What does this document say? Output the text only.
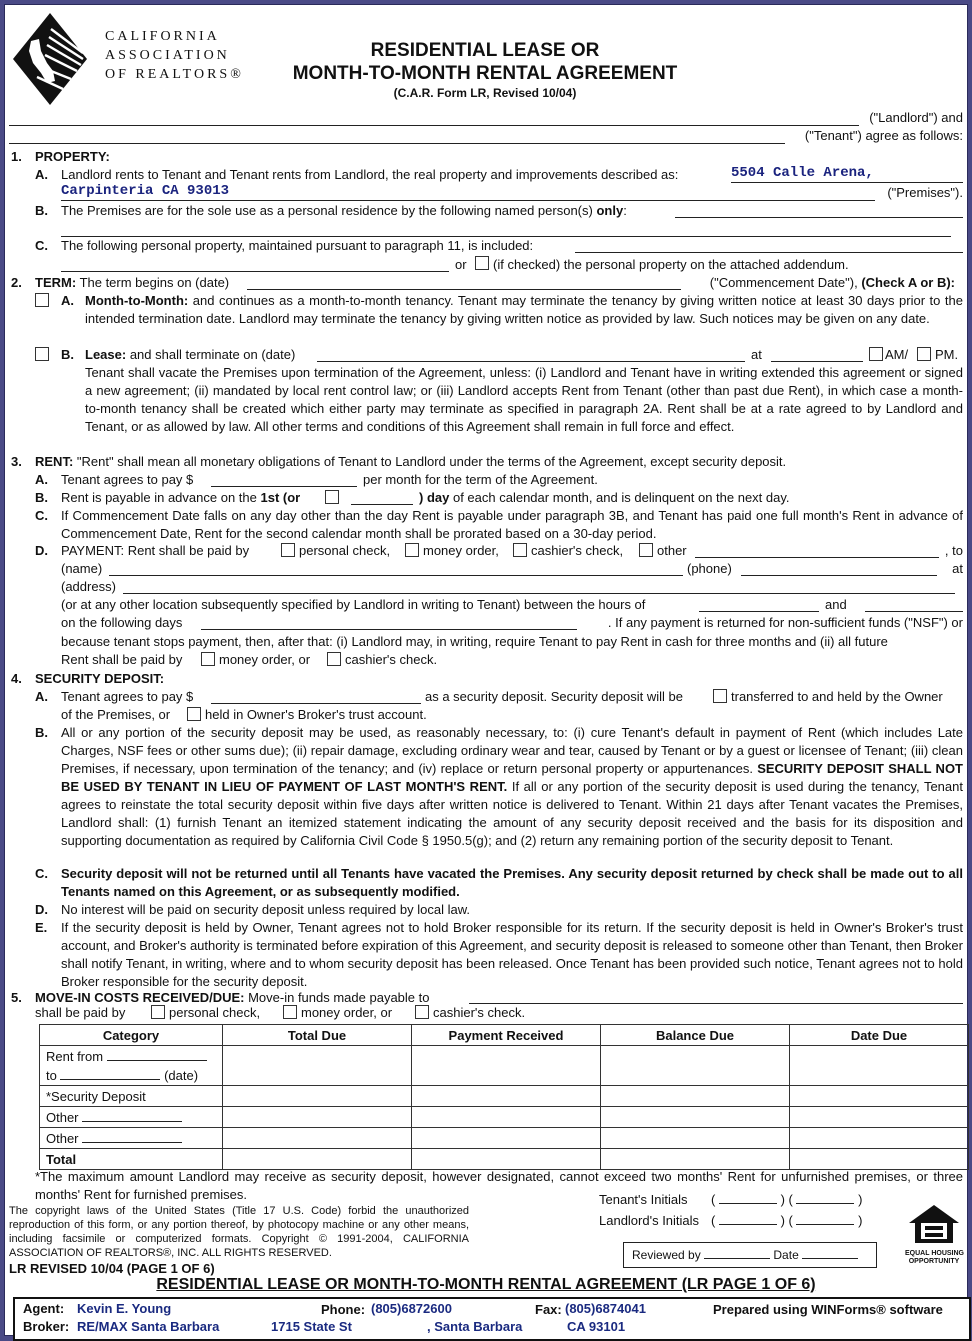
CALIFORNIA
ASSOCIATION
OF REALTORS®
RESIDENTIAL LEASE OR
MONTH-TO-MONTH RENTAL AGREEMENT
(C.A.R. Form LR, Revised 10/04)
("Landlord") and
("Tenant") agree as follows:
1. PROPERTY:
A. Landlord rents to Tenant and Tenant rents from Landlord, the real property and improvements described as:	5504 Calle Arena,
Carpinteria CA 93013	("Premises").
B. The Premises are for the sole use as a personal residence by the following named person(s) only:
C. The following personal property, maintained pursuant to paragraph 11, is included:
or (if checked) the personal property on the attached addendum.
2. TERM: The term begins on (date)	("Commencement Date"), (Check A or B):
A. Month-to-Month: and continues as a month-to-month tenancy. Tenant may terminate the tenancy by giving written notice at least 30 days prior to the intended termination date. Landlord may terminate the tenancy by giving written notice as provided by law. Such notices may be given on any date.
B. Lease: and shall terminate on (date)	at	AM/ PM.
Tenant shall vacate the Premises upon termination of the Agreement, unless: (i) Landlord and Tenant have in writing extended this agreement or signed a new agreement; (ii) mandated by local rent control law; or (iii) Landlord accepts Rent from Tenant (other than past due Rent), in which case a month-to-month tenancy shall be created which either party may terminate as specified in paragraph 2A. Rent shall be at a rate agreed to by Landlord and Tenant, or as allowed by law. All other terms and conditions of this Agreement shall remain in full force and effect.
3. RENT: "Rent" shall mean all monetary obligations of Tenant to Landlord under the terms of the Agreement, except security deposit.
A. Tenant agrees to pay $	per month for the term of the Agreement.
B. Rent is payable in advance on the 1st (or	) day of each calendar month, and is delinquent on the next day.
C. If Commencement Date falls on any day other than the day Rent is payable under paragraph 3B, and Tenant has paid one full month's Rent in advance of Commencement Date, Rent for the second calendar month shall be prorated based on a 30-day period.
D. PAYMENT: Rent shall be paid by	personal check,	money order, cashier's check,	other	, to
(name)	(phone)	at
(address)
(or at any other location subsequently specified by Landlord in writing to Tenant) between the hours of	and
on the following days	. If any payment is returned for non-sufficient funds ("NSF") or
because tenant stops payment, then, after that: (i) Landlord may, in writing, require Tenant to pay Rent in cash for three months and (ii) all future
Rent shall be paid by	money order, or	cashier's check.
4. SECURITY DEPOSIT:
A. Tenant agrees to pay $	as a security deposit. Security deposit will be	transferred to and held by the Owner
of the Premises, or	held in Owner's Broker's trust account.
B. All or any portion of the security deposit may be used, as reasonably necessary, to: (i) cure Tenant's default in payment of Rent (which includes Late Charges, NSF fees or other sums due); (ii) repair damage, excluding ordinary wear and tear, caused by Tenant or by a guest or licensee of Tenant; (iii) clean Premises, if necessary, upon termination of the tenancy; and (iv) replace or return personal property or appurtenances. SECURITY DEPOSIT SHALL NOT BE USED BY TENANT IN LIEU OF PAYMENT OF LAST MONTH'S RENT. If all or any portion of the security deposit is used during the tenancy, Tenant agrees to reinstate the total security deposit within five days after written notice is delivered to Tenant. Within 21 days after Tenant vacates the Premises, Landlord shall: (1) furnish Tenant an itemized statement indicating the amount of any security deposit received and the basis for its disposition and supporting documentation as required by California Civil Code § 1950.5(g); and (2) return any remaining portion of the security deposit to Tenant.
C. Security deposit will not be returned until all Tenants have vacated the Premises. Any security deposit returned by check shall be made out to all Tenants named on this Agreement, or as subsequently modified.
D. No interest will be paid on security deposit unless required by local law.
E. If the security deposit is held by Owner, Tenant agrees not to hold Broker responsible for its return. If the security deposit is held in Owner's Broker's trust account, and Broker's authority is terminated before expiration of this Agreement, and security deposit is released to someone other than Tenant, then Broker shall notify Tenant, in writing, where and to whom security deposit has been released. Once Tenant has been provided such notice, Tenant agrees not to hold Broker responsible for the security deposit.
5. MOVE-IN COSTS RECEIVED/DUE: Move-in funds made payable to
shall be paid by	personal check,	money order, or	cashier's check.
Category	Total Due	Payment Received	Balance Due	Date Due

Rent from
to (date)				

*Security Deposit				
Other				
Other				
Total				
*The maximum amount Landlord may receive as security deposit, however designated, cannot exceed two months' Rent for unfurnished premises, or three months' Rent for furnished premises.
The copyright laws of the United States (Title 17 U.S. Code) forbid the unauthorized reproduction of this form, or any portion thereof, by photocopy machine or any other means, including facsimile or computerized formats. Copyright © 1991-2004, CALIFORNIA ASSOCIATION OF REALTORS®, INC. ALL RIGHTS RESERVED.
LR REVISED 10/04 (PAGE 1 OF 6)
Tenant's Initials (	) (	)
Landlord's Initials (	) (	)
Reviewed by	Date	EQUAL HOUSING
OPPORTUNITY
RESIDENTIAL LEASE OR MONTH-TO-MONTH RENTAL AGREEMENT (LR PAGE 1 OF 6)
Agent: Kevin E. Young	Phone: (805)6872600	Fax: (805)6874041	Prepared using WINForms® software
Broker: RE/MAX Santa Barbara	1715 State St	, Santa Barbara	CA 93101
